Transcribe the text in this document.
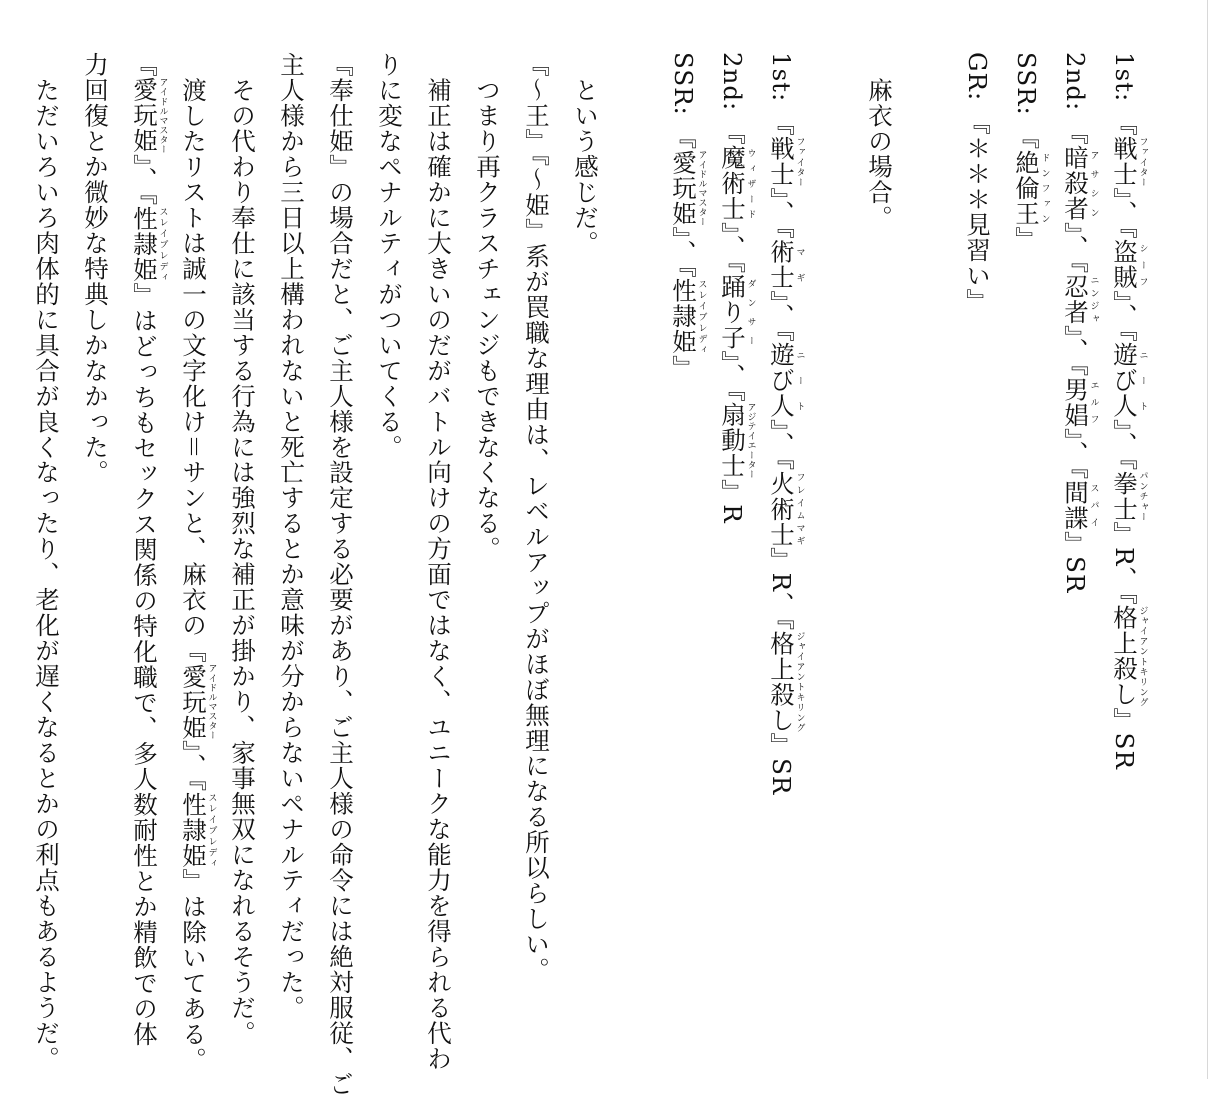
1st: 『戦士ファイター』、『盗賊シーフ』、『遊び人ニート』、『拳士パンチャー』R、『格上殺しジャイアントキリング』SR

2nd: 『暗殺者アサシン』、『忍者ニンジャ』、『男娼エルフ』、『間諜スパイ』SR

SSR: 『絶倫王ドンファン』

GR: 『＊＊＊見習い』

　麻衣の場合。

1st: 『戦士ファイター』、『術士マギ』、『遊び人ニート』、『火術士フレイムマギ』R、『格上殺しジャイアントキリング』SR

2nd: 『魔術士ウィザード』、『踊り子ダンサー』、『扇動士アジテイエーター』R

SSR: 『愛玩姫アイドルマスター』、『性隷姫スレイブレディ』

　という感じだ。

『～王』『～姫』系が罠職な理由は、レベルアップがほぼ無理になる所以らしい。

　つまり再クラスチェンジもできなくなる。

　補正は確かに大きいのだがバトル向けの方面ではなく、ユニークな能力を得られる代わ

りに変なペナルティがついてくる。

『奉仕姫』の場合だと、ご主人様を設定する必要があり、ご主人様の命令には絶対服従、ご

主人様から三日以上構われないと死亡するとか意味が分からないペナルティだった。

　その代わり奉仕に該当する行為には強烈な補正が掛かり、家事無双になれるそうだ。

　渡したリストは誠一の文字化け＝サンと、麻衣の『愛玩姫アイドルマスター』、『性隷姫スレイブレディ』は除いてある。

『愛玩姫アイドルマスター』、『性隷姫スレイブレディ』はどっちもセックス関係の特化職で、多人数耐性とか精飲での体

力回復とか微妙な特典しかなかった。

　ただいろいろ肉体的に具合が良くなったり、老化が遅くなるとかの利点もあるようだ。
